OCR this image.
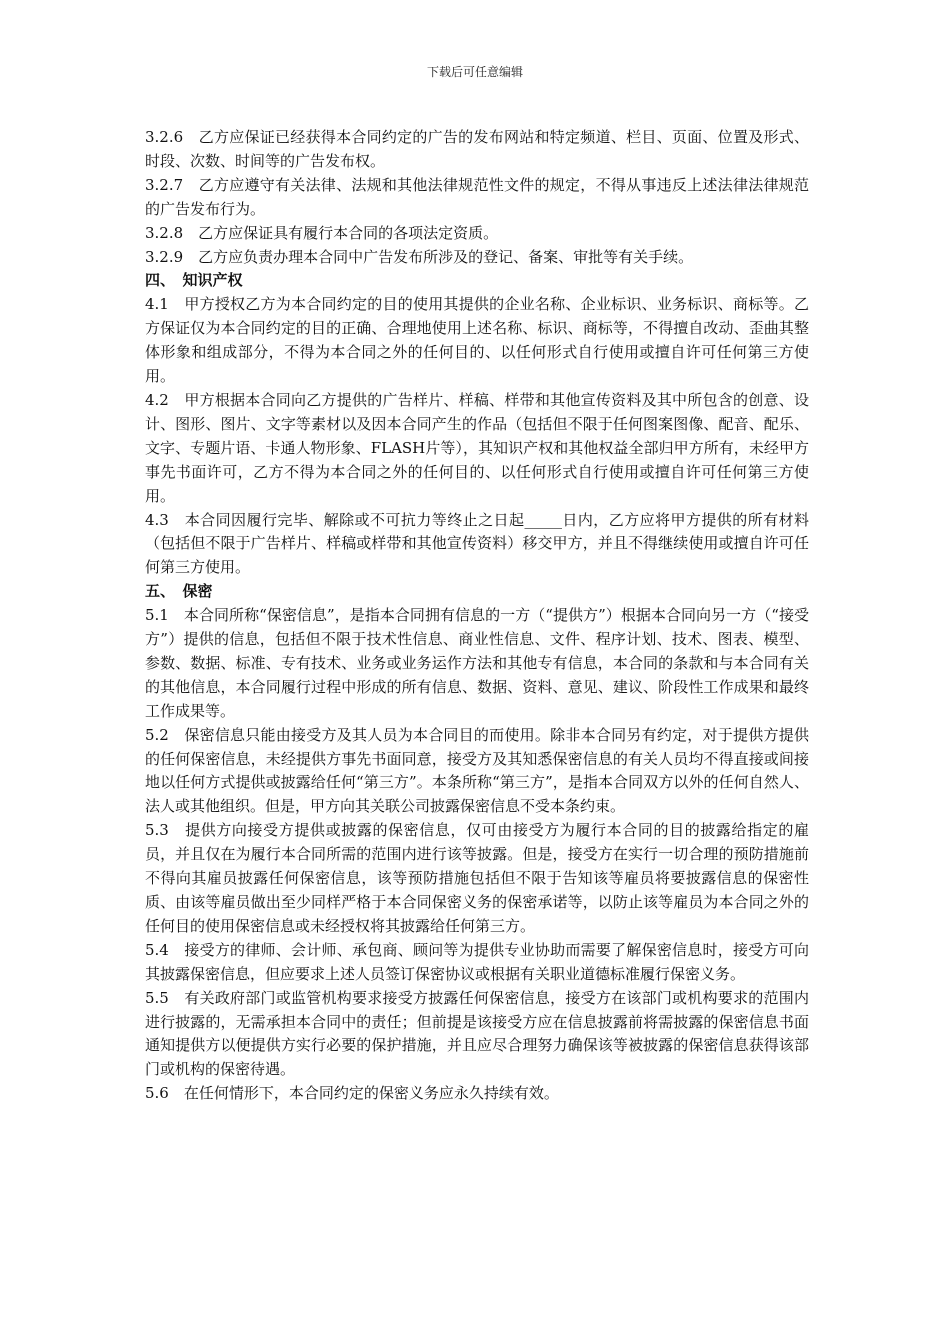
下载后可任意编辑

3.2.6　乙方应保证已经获得本合同约定的广告的发布网站和特定频道、栏目、页面、位置及形式、时段、次数、时间等的广告发布权。

3.2.7　乙方应遵守有关法律、法规和其他法律规范性文件的规定，不得从事违反上述法律法律规范的广告发布行为。

3.2.8　乙方应保证具有履行本合同的各项法定资质。

3.2.9　乙方应负责办理本合同中广告发布所涉及的登记、备案、审批等有关手续。

四、　知识产权

4.1　甲方授权乙方为本合同约定的目的使用其提供的企业名称、企业标识、业务标识、商标等。乙方保证仅为本合同约定的目的正确、合理地使用上述名称、标识、商标等，不得擅自改动、歪曲其整体形象和组成部分，不得为本合同之外的任何目的、以任何形式自行使用或擅自许可任何第三方使用。

4.2　甲方根据本合同向乙方提供的广告样片、样稿、样带和其他宣传资料及其中所包含的创意、设计、图形、图片、文字等素材以及因本合同产生的作品（包括但不限于任何图案图像、配音、配乐、文字、专题片语、卡通人物形象、FLASH片等），其知识产权和其他权益全部归甲方所有，未经甲方事先书面许可，乙方不得为本合同之外的任何目的、以任何形式自行使用或擅自许可任何第三方使用。

4.3　本合同因履行完毕、解除或不可抗力等终止之日起_____日内，乙方应将甲方提供的所有材料（包括但不限于广告样片、样稿或样带和其他宣传资料）移交甲方，并且不得继续使用或擅自许可任何第三方使用。

五、　保密

5.1　本合同所称“保密信息”，是指本合同拥有信息的一方（“提供方”）根据本合同向另一方（“接受方”）提供的信息，包括但不限于技术性信息、商业性信息、文件、程序计划、技术、图表、模型、参数、数据、标准、专有技术、业务或业务运作方法和其他专有信息，本合同的条款和与本合同有关的其他信息，本合同履行过程中形成的所有信息、数据、资料、意见、建议、阶段性工作成果和最终工作成果等。

5.2　保密信息只能由接受方及其人员为本合同目的而使用。除非本合同另有约定，对于提供方提供的任何保密信息，未经提供方事先书面同意，接受方及其知悉保密信息的有关人员均不得直接或间接地以任何方式提供或披露给任何“第三方”。本条所称“第三方”，是指本合同双方以外的任何自然人、法人或其他组织。但是，甲方向其关联公司披露保密信息不受本条约束。

5.3　提供方向接受方提供或披露的保密信息，仅可由接受方为履行本合同的目的披露给指定的雇员，并且仅在为履行本合同所需的范围内进行该等披露。但是，接受方在实行一切合理的预防措施前不得向其雇员披露任何保密信息，该等预防措施包括但不限于告知该等雇员将要披露信息的保密性质、由该等雇员做出至少同样严格于本合同保密义务的保密承诺等，以防止该等雇员为本合同之外的任何目的使用保密信息或未经授权将其披露给任何第三方。

5.4　接受方的律师、会计师、承包商、顾问等为提供专业协助而需要了解保密信息时，接受方可向其披露保密信息，但应要求上述人员签订保密协议或根据有关职业道德标准履行保密义务。

5.5　有关政府部门或监管机构要求接受方披露任何保密信息，接受方在该部门或机构要求的范围内进行披露的，无需承担本合同中的责任；但前提是该接受方应在信息披露前将需披露的保密信息书面通知提供方以便提供方实行必要的保护措施，并且应尽合理努力确保该等被披露的保密信息获得该部门或机构的保密待遇。

5.6　在任何情形下，本合同约定的保密义务应永久持续有效。
